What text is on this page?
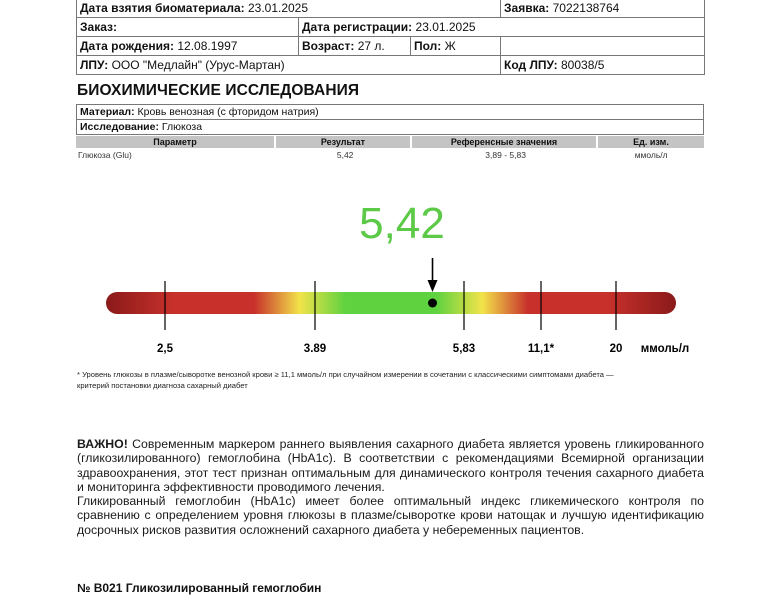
Дата взятия биоматериала: 23.01.2025			Заявка: 7022138764
Заказ:	Дата регистрации: 23.01.2025		
Дата рождения: 12.08.1997	Возраст: 27 л.	Пол: Ж	
ЛПУ: ООО "Медлайн" (Урус-Мартан)			Код ЛПУ: 80038/5
БИОХИМИЧЕСКИЕ ИССЛЕДОВАНИЯ
Материал: Кровь венозная (с фторидом натрия)
Исследование: Глюкоза
Параметр	Результат	Референсные значения	Ед. изм.
Глюкоза (Glu)	5,42	3,89 - 5,83	ммоль/л
5,42
2,5	3.89	5,83	11,1*	20 ммоль/л
* Уровень глюкозы в плазме/сыворотке венозной крови ≥ 11,1 ммоль/л при случайном измерении в сочетании с классическими симптомами диабета —
критерий постановки диагноза сахарный диабет

ВАЖНО! Современным маркером раннего выявления сахарного диабета является уровень гликированного (гликозилированного) гемоглобина (HbA1c). В соответствии с рекомендациями Всемирной организации здравоохранения, этот тест признан оптимальным для динамического контроля течения сахарного диабета и мониторинга эффективности проводимого лечения.

Гликированный гемоглобин (HbA1c) имеет более оптимальный индекс гликемического контроля по сравнению с определением уровня глюкозы в плазме/сыворотке крови натощак и лучшую идентификацию досрочных рисков развития осложнений сахарного диабета у небеременных пациентов.

№ B021 Гликозилированный гемоглобин
